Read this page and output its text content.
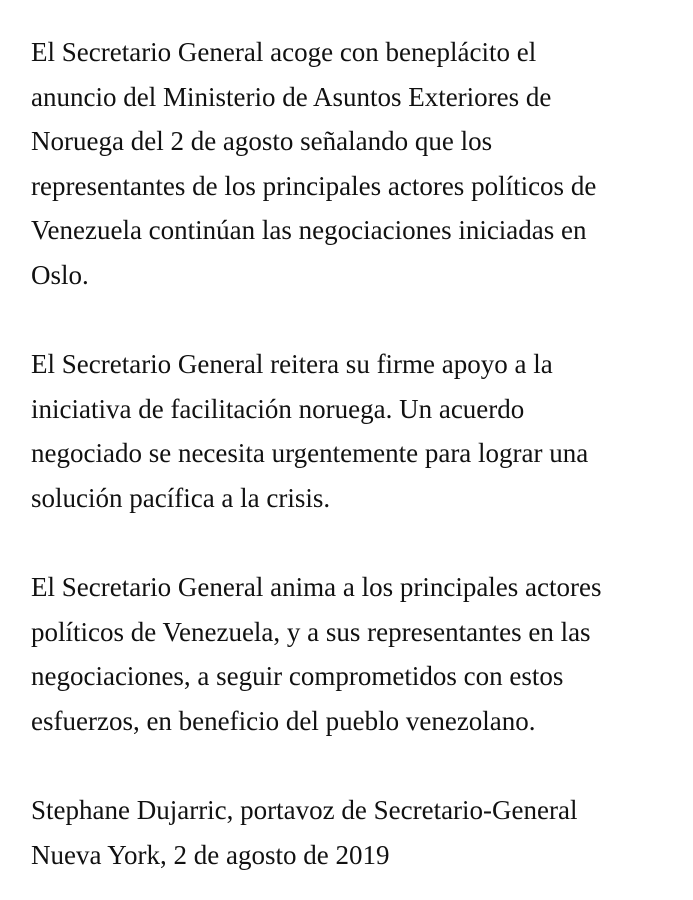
El Secretario General acoge con beneplácito el
anuncio del Ministerio de Asuntos Exteriores de
Noruega del 2 de agosto señalando que los
representantes de los principales actores políticos de
Venezuela continúan las negociaciones iniciadas en
Oslo.

El Secretario General reitera su firme apoyo a la
iniciativa de facilitación noruega. Un acuerdo
negociado se necesita urgentemente para lograr una
solución pacífica a la crisis.

El Secretario General anima a los principales actores
políticos de Venezuela, y a sus representantes en las
negociaciones, a seguir comprometidos con estos
esfuerzos, en beneficio del pueblo venezolano.

Stephane Dujarric, portavoz de Secretario-General
Nueva York, 2 de agosto de 2019
